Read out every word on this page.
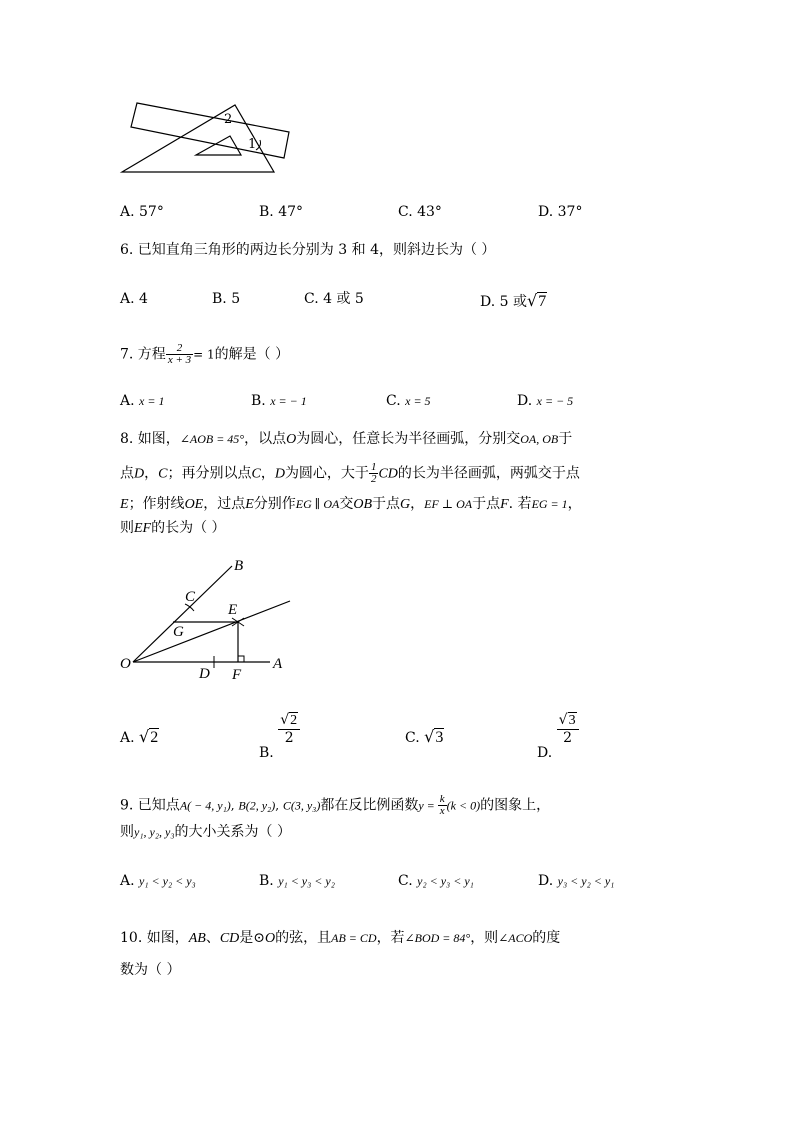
2
1
A. 57°	B. 47°	C. 43°	D. 37°
6. 已知直角三角形的两边长分别为 3 和 4，则斜边长为（ ）
A. 4	B. 5	C. 4 或 5	D. 5 或√7
7. 方程 $\frac{2}{x + 3} = 1$的解是（ ）
A. x = 1	B. x = − 1	C. x = 5	D. x = − 5
8. 如图，∠AOB = 45°，以点O为圆心，任意长为半径画弧，分别交OA, OB于
点D，C；再分别以点C，D为圆心，大于 $\frac{1}{2}$ CD的长为半径画弧，两弧交于点
E；作射线OE，过点E分别作EG ∥ OA交OB于点G，EF ⊥ OA于点F. 若EG = 1，
则EF的长为（ ）
B
C
E
G
O
D F
A
A. √2
B.
$\frac{√2}{2}$	C. √3
D.
$\frac{√3}{2}$
9. 已知点A( − 4, y₁), B(2, y₂), C(3, y₃)都在反比例函数$y = \frac{k}{x} (k < 0)$的图象上，
则y₁, y₂, y₃的大小关系为（ ）
A. y₁ < y₂ < y₃	B. y₁ < y₃ < y₂	C. y₂ < y₃ < y₁	D. y₃ < y₂ < y₁
10. 如图，AB、CD是⊙O的弦，且AB = CD，若∠BOD = 84°，则∠ACO的度
数为（ ）
